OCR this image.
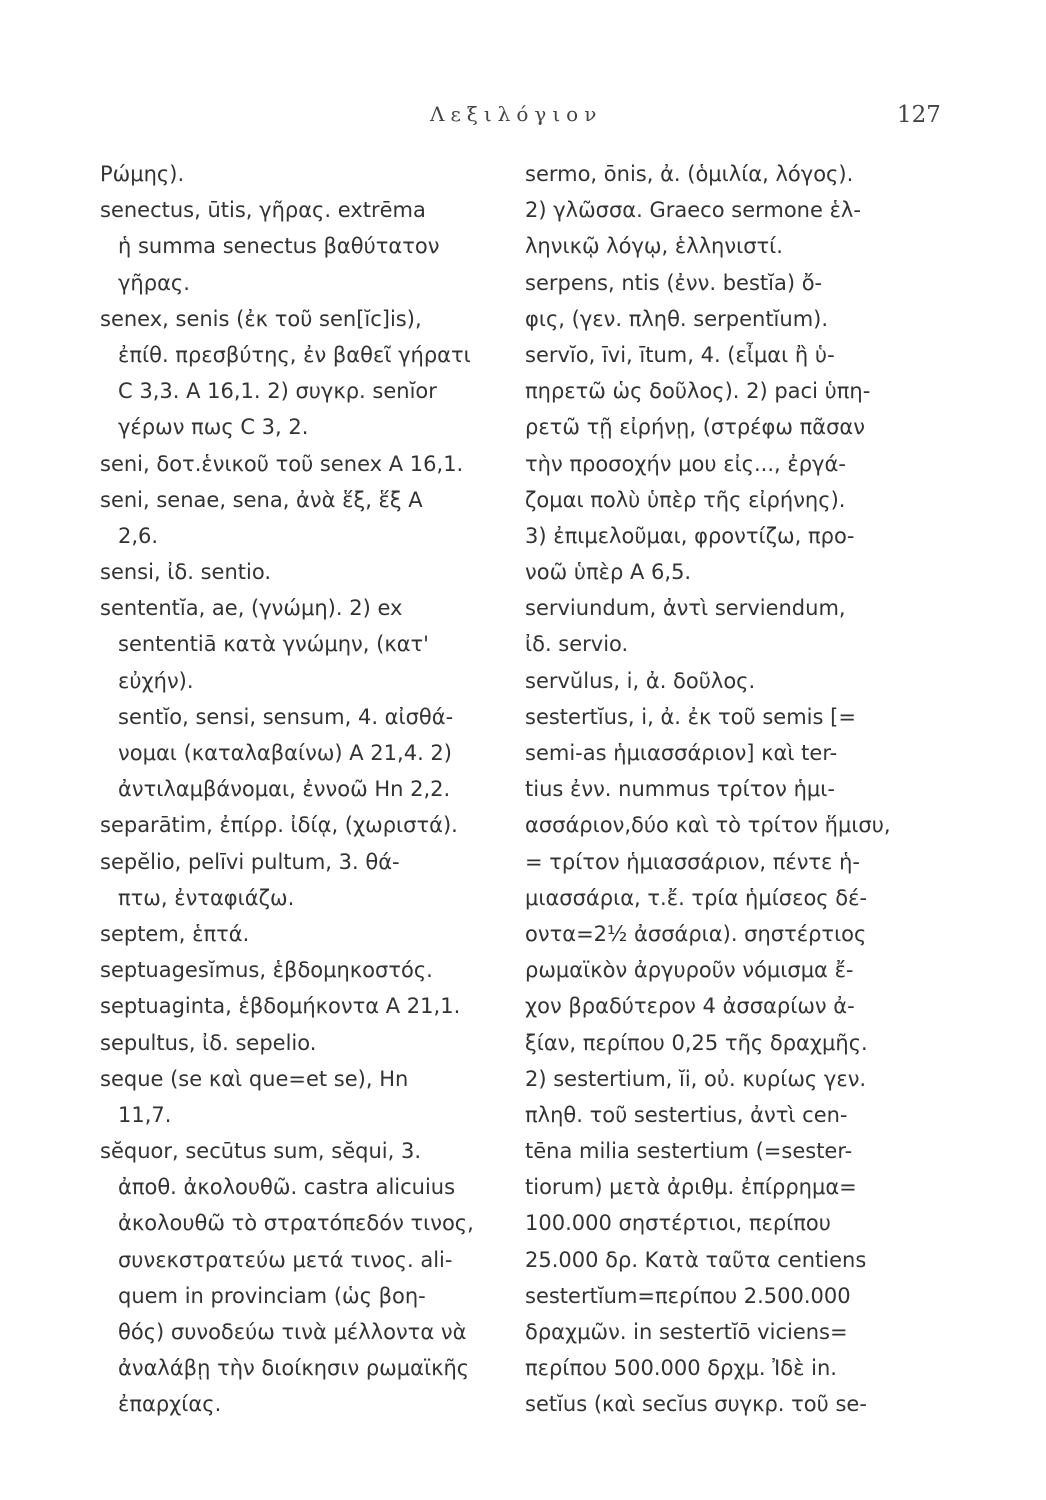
Λεξιλόγιον	127
Ρώμης).
senectus, ūtis, γῆρας. extrēma
ἡ summa senectus βαθύτατον
γῆρας.
senex, senis (ἐκ τοῦ sen[ĭc]is),
ἐπίθ. πρεσβύτης, ἐν βαθεῖ γήρατι
C 3,3. A 16,1. 2) συγκρ. senĭor
γέρων πως C 3, 2.
seni, δοτ.ἑνικοῦ τοῦ senex A 16,1.
seni, senae, sena, ἀνὰ ἕξ, ἕξ A
2,6.
sensi, ἰδ. sentio.
sententĭa, ae, (γνώμη). 2) ex
sententiā κατὰ γνώμην, (κατ'
εὐχήν).
sentĭo, sensi, sensum, 4. αἰσθά-
νομαι (καταλαβαίνω) A 21,4. 2)
ἀντιλαμβάνομαι, ἐννοῶ Hn 2,2.
separātim, ἐπίρρ. ἰδίᾳ, (χωριστά).
sepĕlio, pelīvi pultum, 3. θά-
πτω, ἐνταφιάζω.
septem, ἑπτά.
septuagesĭmus, ἑβδομηκοστός.
septuaginta, ἑβδομήκοντα A 21,1.
sepultus, ἰδ. sepelio.
seque (se καὶ que=et se), Hn
11,7.
sĕquor, secūtus sum, sĕqui, 3.
ἀποθ. ἀκολουθῶ. castra alicuius
ἀκολουθῶ τὸ στρατόπεδόν τινος,
συνεκστρατεύω μετά τινος. ali-
quem in provinciam (ὡς βοη-
θός) συνοδεύω τινὰ μέλλοντα νὰ
ἀναλάβῃ τὴν διοίκησιν ρωμαϊκῆς
ἐπαρχίας.
sermo, ōnis, ἀ. (ὁμιλία, λόγος).
2) γλῶσσα. Graeco sermone ἑλ-
ληνικῷ λόγῳ, ἑλληνιστί.
serpens, ntis (ἐνν. bestĭa) ὄ-
φις, (γεν. πληθ. serpentĭum).
servĭo, īvi, ītum, 4. (εἶμαι ἢ ὑ-
πηρετῶ ὡς δοῦλος). 2) paci ὑπη-
ρετῶ τῇ εἰρήνῃ, (στρέφω πᾶσαν
τὴν προσοχήν μου εἰς..., ἐργά-
ζομαι πολὺ ὑπὲρ τῆς εἰρήνης).
3) ἐπιμελοῦμαι, φροντίζω, προ-
νοῶ ὑπὲρ A 6,5.
serviundum, ἀντὶ serviendum,
ἰδ. servio.
servŭlus, i, ἀ. δοῦλος.
sestertĭus, i, ἀ. ἐκ τοῦ semis [=
semi-as ἡμιασσάριον] καὶ ter-
tius ἐνν. nummus τρίτον ἡμι-
ασσάριον,δύο καὶ τὸ τρίτον ἥμισυ,
= τρίτον ἡμιασσάριον, πέντε ἡ-
μιασσάρια, τ.ἔ. τρία ἡμίσεος δέ-
οντα=2½ ἀσσάρια). σηστέρτιος
ρωμαϊκὸν ἀργυροῦν νόμισμα ἔ-
χον βραδύτερον 4 ἀσσαρίων ἀ-
ξίαν, περίπου 0,25 τῆς δραχμῆς.
2) sestertium, ĭi, οὐ. κυρίως γεν.
πληθ. τοῦ sestertius, ἀντὶ cen-
tēna milia sestertium (=sester-
tiorum) μετὰ ἀριθμ. ἐπίρρημα=
100.000 σηστέρτιοι, περίπου
25.000 δρ. Κατὰ ταῦτα centiens
sestertĭum=περίπου 2.500.000
δραχμῶν. in sestertĭō viciens=
περίπου 500.000 δρχμ. Ἰδὲ in.
setĭus (καὶ secĭus συγκρ. τοῦ se-
